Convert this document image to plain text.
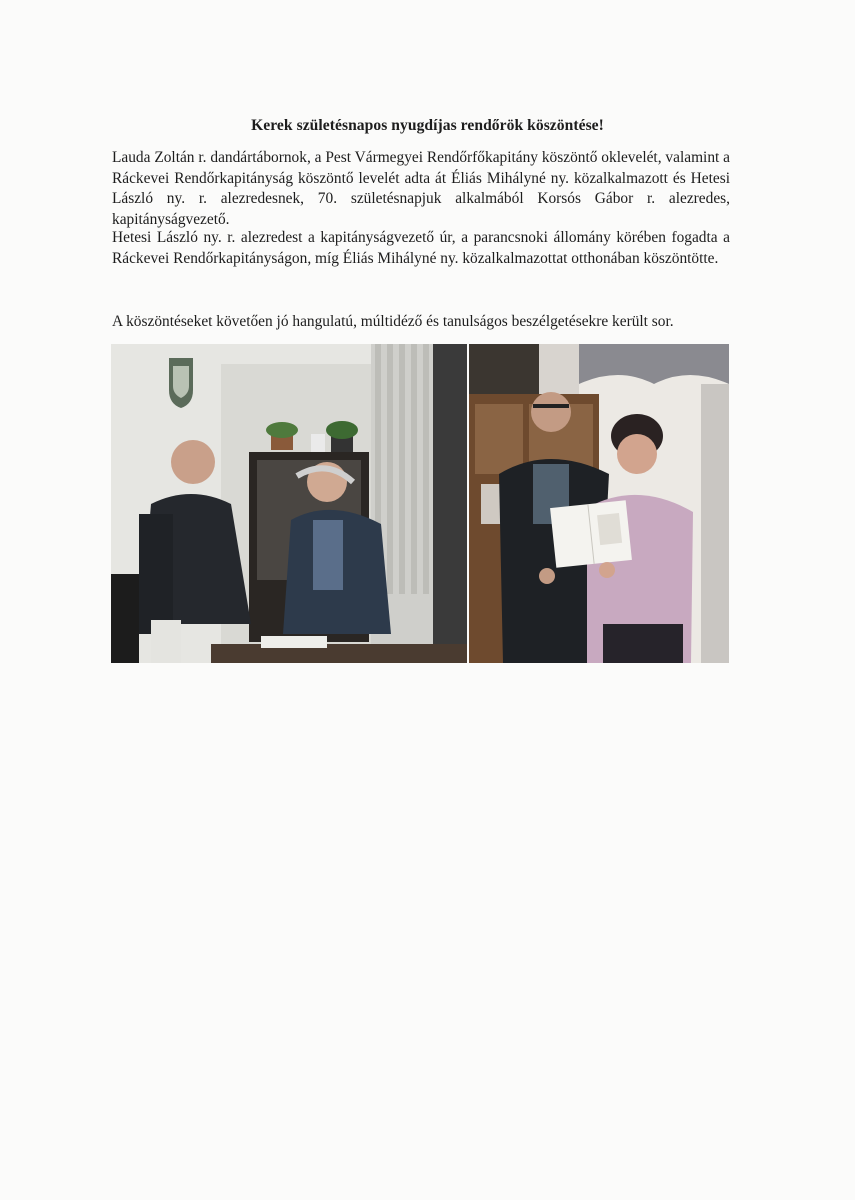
Kerek születésnapos nyugdíjas rendőrök köszöntése!

Lauda Zoltán r. dandártábornok, a Pest Vármegyei Rendőrfőkapitány köszöntő oklevelét, valamint a Ráckevei Rendőrkapitányság köszöntő levelét adta át Éliás Mihályné ny. közalkalmazott és Hetesi László ny. r. alezredesnek, 70. születésnapjuk alkalmából Korsós Gábor r. alezredes, kapitányságvezető.

Hetesi László ny. r. alezredest a kapitányságvezető úr, a parancsnoki állomány körében fogadta a Ráckevei Rendőrkapitányságon, míg Éliás Mihályné ny. közalkalmazottat otthonában köszöntötte.

A köszöntéseket követően jó hangulatú, múltidéző és tanulságos beszélgetésekre került sor.
